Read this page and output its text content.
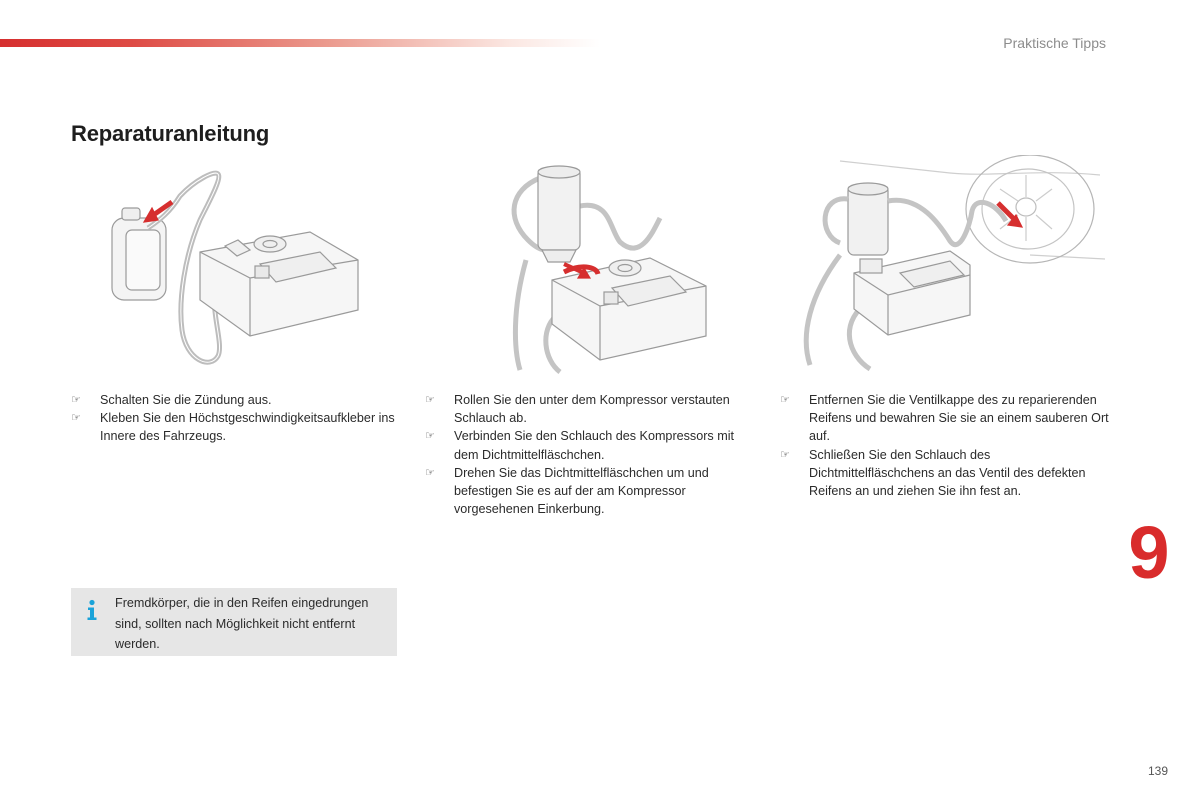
Praktische Tipps
Reparaturanleitung
☞ Schalten Sie die Zündung aus.
☞ Kleben Sie den Höchstgeschwindigkeitsaufkleber ins Innere des Fahrzeugs.
☞ Rollen Sie den unter dem Kompressor verstauten Schlauch ab.
☞ Verbinden Sie den Schlauch des Kompressors mit dem Dichtmittelfläschchen.
☞ Drehen Sie das Dichtmittelfläschchen um und befestigen Sie es auf der am Kompressor vorgesehenen Einkerbung.
☞ Entfernen Sie die Ventilkappe des zu reparierenden Reifens und bewahren Sie sie an einem sauberen Ort auf.
☞ Schließen Sie den Schlauch des Dichtmittelfläschchens an das Ventil des defekten Reifens an und ziehen Sie ihn fest an.
Fremdkörper, die in den Reifen eingedrungen sind, sollten nach Möglichkeit nicht entfernt werden.
9
139
